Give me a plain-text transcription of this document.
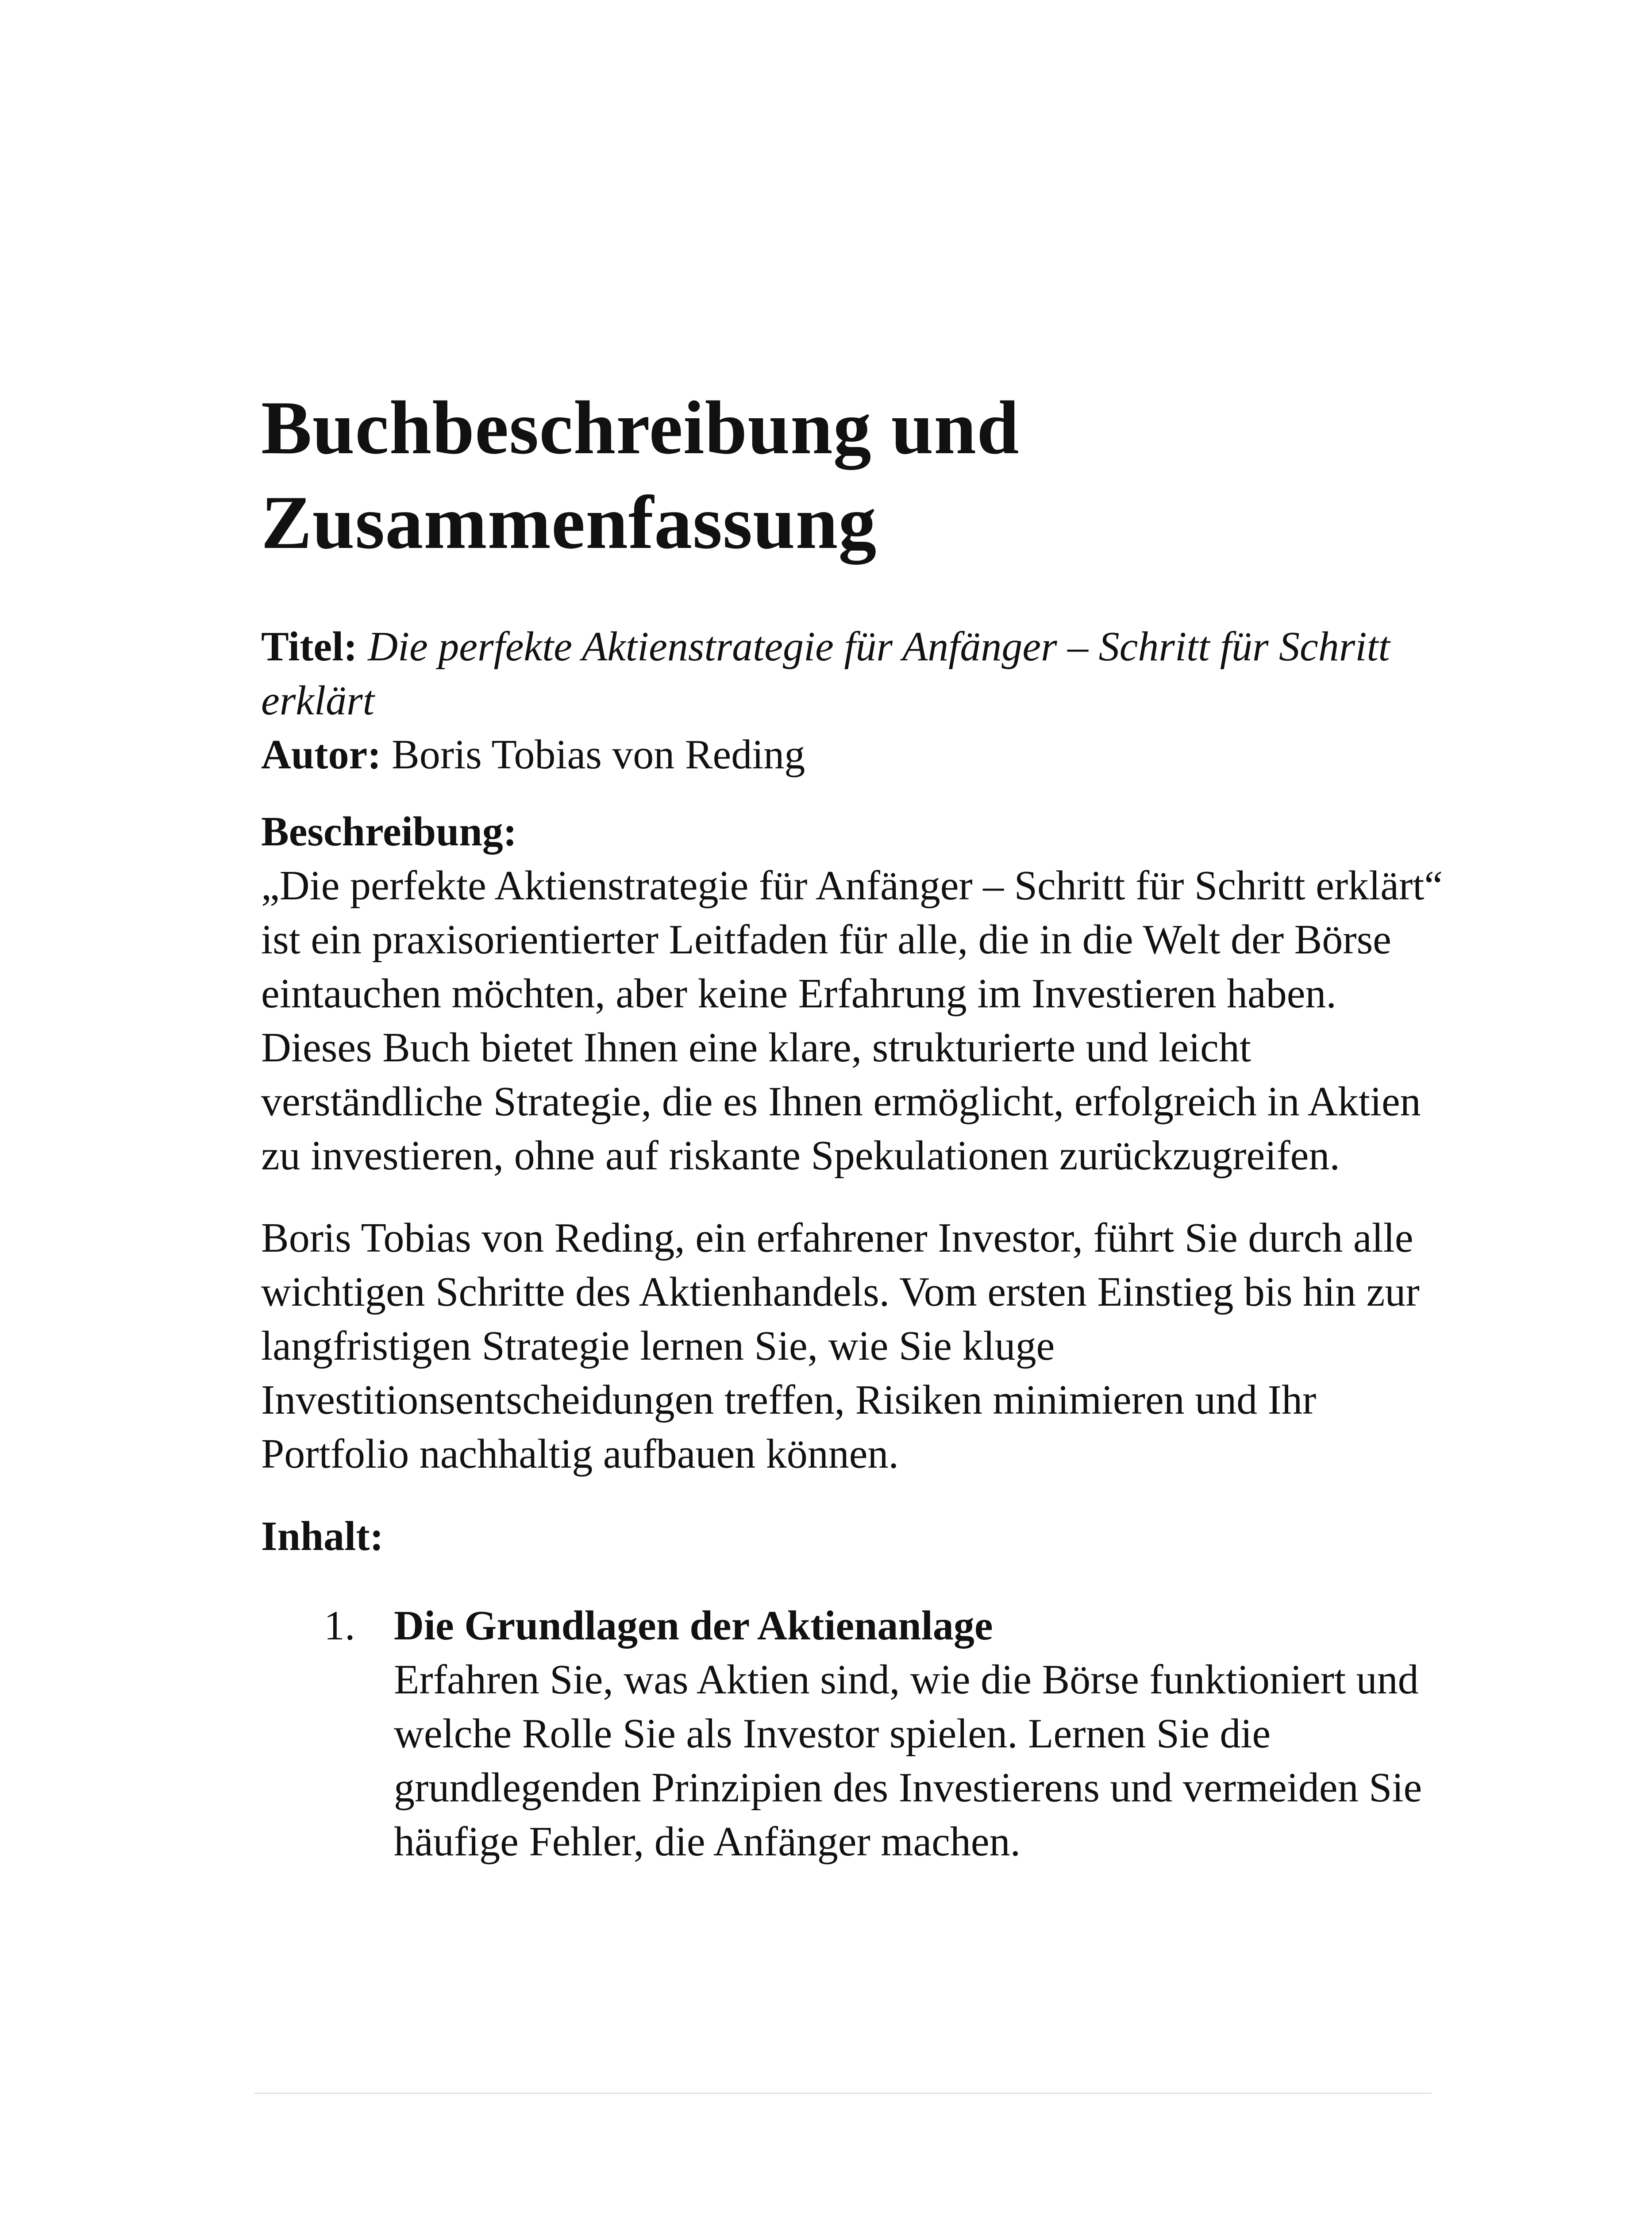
Buchbeschreibung und
Zusammenfassung
Titel: Die perfekte Aktienstrategie für Anfänger – Schritt für Schritt erklärt
Autor: Boris Tobias von Reding
Beschreibung:

„Die perfekte Aktienstrategie für Anfänger – Schritt für Schritt erklärt“ ist ein praxisorientierter Leitfaden für alle, die in die Welt der Börse eintauchen möchten, aber keine Erfahrung im Investieren haben. Dieses Buch bietet Ihnen eine klare, strukturierte und leicht verständliche Strategie, die es Ihnen ermöglicht, erfolgreich in Aktien zu investieren, ohne auf riskante Spekulationen zurückzugreifen.

Boris Tobias von Reding, ein erfahrener Investor, führt Sie durch alle wichtigen Schritte des Aktienhandels. Vom ersten Einstieg bis hin zur langfristigen Strategie lernen Sie, wie Sie kluge Investitionsentscheidungen treffen, Risiken minimieren und Ihr Portfolio nachhaltig aufbauen können.

Inhalt:
1. Die Grundlagen der Aktienanlage
Erfahren Sie, was Aktien sind, wie die Börse funktioniert und welche Rolle Sie als Investor spielen. Lernen Sie die grundlegenden Prinzipien des Investierens und vermeiden Sie häufige Fehler, die Anfänger machen.
